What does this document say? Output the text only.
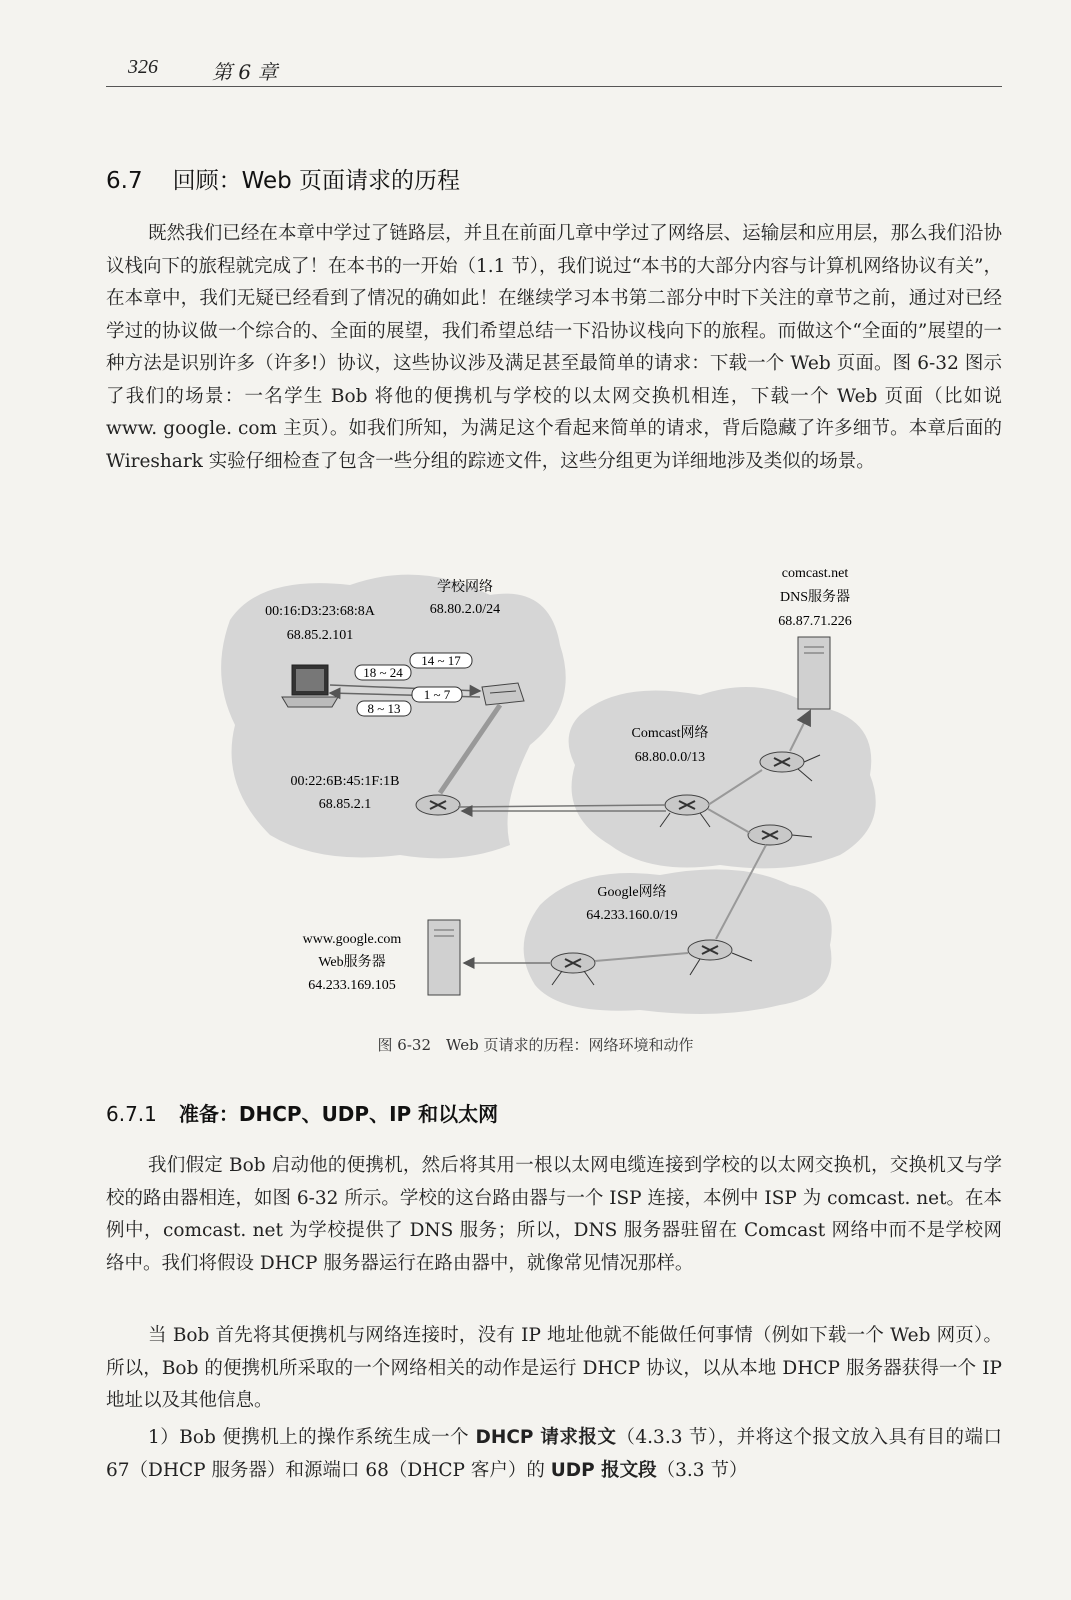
326	第 6 章
6.7 回顾：Web 页面请求的历程
既然我们已经在本章中学过了链路层，并且在前面几章中学过了网络层、运输层和应用层，那么我们沿协议栈向下的旅程就完成了！在本书的一开始（1.1 节），我们说过“本书的大部分内容与计算机网络协议有关”，在本章中，我们无疑已经看到了情况的确如此！在继续学习本书第二部分中时下关注的章节之前，通过对已经学过的协议做一个综合的、全面的展望，我们希望总结一下沿协议栈向下的旅程。而做这个“全面的”展望的一种方法是识别许多（许多!）协议，这些协议涉及满足甚至最简单的请求：下载一个 Web 页面。图 6-32 图示了我们的场景：一名学生 Bob 将他的便携机与学校的以太网交换机相连，下载一个 Web 页面（比如说 www. google. com 主页）。如我们所知，为满足这个看起来简单的请求，背后隐藏了许多细节。本章后面的 Wireshark 实验仔细检查了包含一些分组的踪迹文件，这些分组更为详细地涉及类似的场景。
14 ~ 17
18 ~ 24
1 ~ 7
8 ~ 13
学校网络
68.80.2.0/24
00:16:D3:23:68:8A
68.85.2.101
00:22:6B:45:1F:1B
68.85.2.1
comcast.net
DNS服务器
68.87.71.226
Comcast网络
68.80.0.0/13
Google网络
64.233.160.0/19
www.google.com
Web服务器
64.233.169.105
图 6-32　Web 页请求的历程：网络环境和动作
6.7.1 准备：DHCP、UDP、IP 和以太网
我们假定 Bob 启动他的便携机，然后将其用一根以太网电缆连接到学校的以太网交换机，交换机又与学校的路由器相连，如图 6-32 所示。学校的这台路由器与一个 ISP 连接，本例中 ISP 为 comcast. net。在本例中，comcast. net 为学校提供了 DNS 服务；所以，DNS 服务器驻留在 Comcast 网络中而不是学校网络中。我们将假设 DHCP 服务器运行在路由器中，就像常见情况那样。
当 Bob 首先将其便携机与网络连接时，没有 IP 地址他就不能做任何事情（例如下载一个 Web 网页）。所以，Bob 的便携机所采取的一个网络相关的动作是运行 DHCP 协议，以从本地 DHCP 服务器获得一个 IP 地址以及其他信息。
1）Bob 便携机上的操作系统生成一个 DHCP 请求报文（4.3.3 节），并将这个报文放入具有目的端口 67（DHCP 服务器）和源端口 68（DHCP 客户）的 UDP 报文段（3.3 节）
